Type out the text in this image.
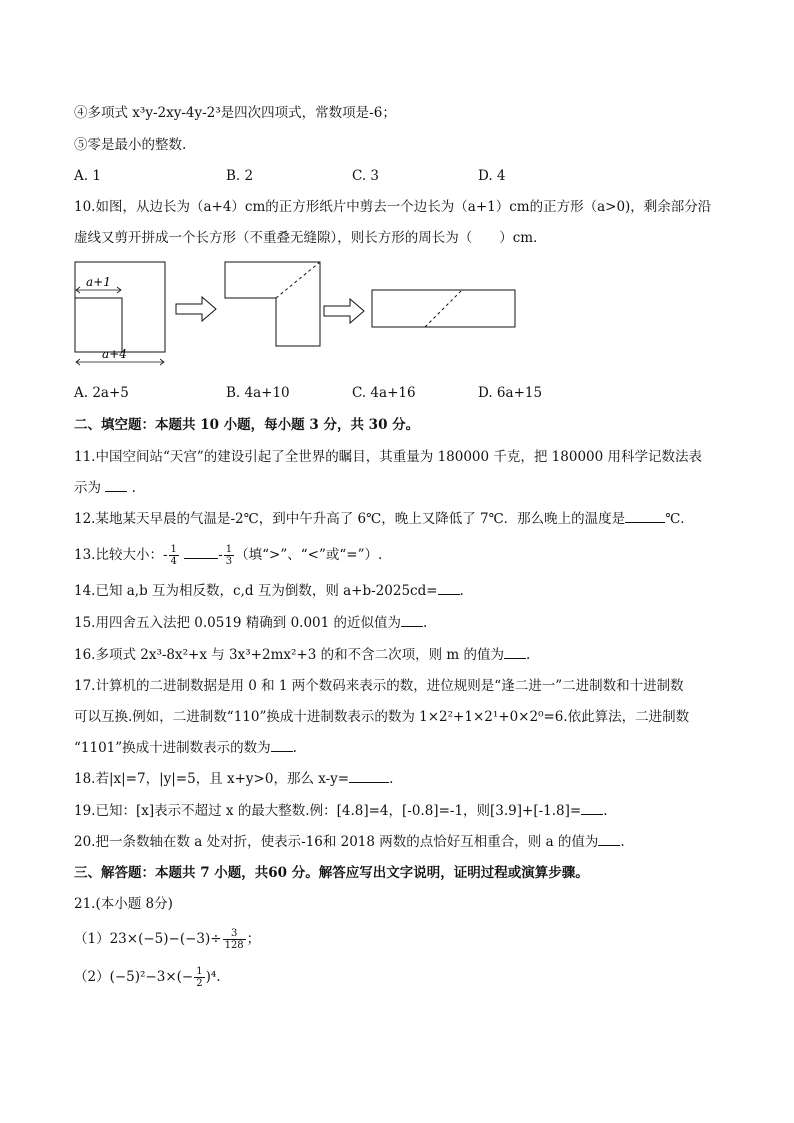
④多项式 x³y-2xy-4y-2³是四次四项式，常数项是-6；
⑤零是最小的整数.
A. 1	B. 2	C. 3	D. 4
10.如图，从边长为（a+4）cm的正方形纸片中剪去一个边长为（a+1）cm的正方形（a>0)，剩余部分沿
虚线又剪开拼成一个长方形（不重叠无缝隙），则长方形的周长为（　　）cm．
a+1
a+4
A. 2a+5	B. 4a+10	C. 4a+16	D. 6a+15
二、填空题：本题共 10 小题，每小题 3 分，共 30 分。
11.中国空间站“天宫”的建设引起了全世界的瞩目，其重量为 180000 千克，把 180000 用科学记数法表
示为 .
12.某地某天早晨的气温是-2℃，到中午升高了 6℃，晚上又降低了 7℃．那么晚上的温度是	℃．
13.比较大小：- $\frac{1}{4}$	- $\frac{1}{3}$ （填“>”、“<”或“=”）.
14.已知 a,b 互为相反数，c,d 互为倒数，则 a+b-2025cd= .
15.用四舍五入法把 0.0519 精确到 0.001 的近似值为 .
16.多项式 2x³-8x²+x 与 3x³+2mx²+3 的和不含二次项，则 m 的值为 .
17.计算机的二进制数据是用 0 和 1 两个数码来表示的数，进位规则是“逢二进一”二进制数和十进制数
可以互换.例如，二进制数“110”换成十进制数表示的数为 1×2²+1×2¹+0×2⁰=6.依此算法，二进制数
“1101”换成十进制数表示的数为 .
18.若|x|=7，|y|=5，且 x+y>0，那么 x-y=	.
19.已知：[x]表示不超过 x 的最大整数.例：[4.8]=4，[-0.8]=-1，则[3.9]+[-1.8]= .
20.把一条数轴在数 a 处对折，使表示-16和 2018 两数的点恰好互相重合，则 a 的值为 .
三、解答题：本题共 7 小题，共60 分。解答应写出文字说明，证明过程或演算步骤。
21.(本小题 8分)
$(1)23\times(-5)-(-3)\div \frac{3}{128}$ ；
$(2)(-5)^2-3\times(- \frac{1}{2} )^4$.
